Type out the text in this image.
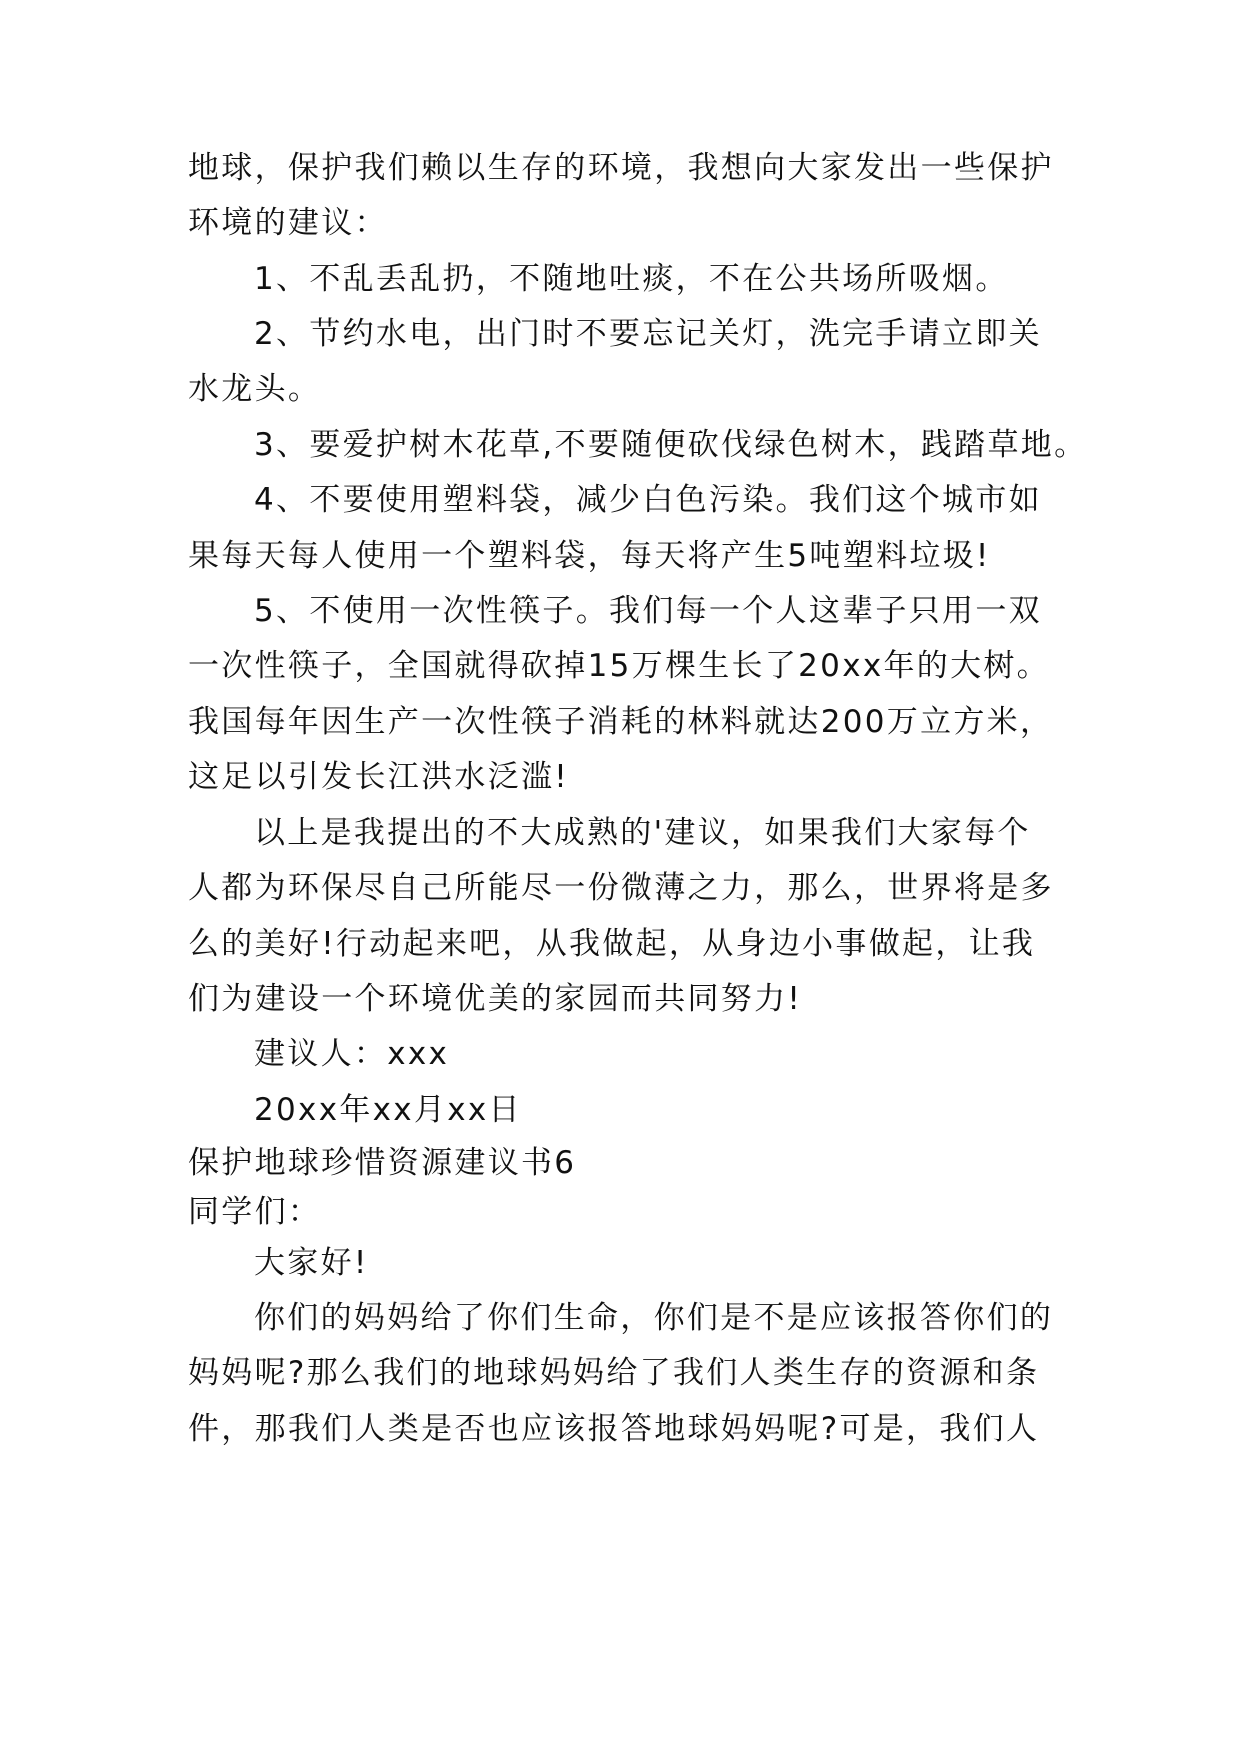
地球，保护我们赖以生存的环境，我想向大家发出一些保护
环境的建议：
1、不乱丢乱扔，不随地吐痰，不在公共场所吸烟。
2、节约水电，出门时不要忘记关灯，洗完手请立即关
水龙头。
3、要爱护树木花草,不要随便砍伐绿色树木，践踏草地。
4、不要使用塑料袋，减少白色污染。我们这个城市如
果每天每人使用一个塑料袋，每天将产生5吨塑料垃圾!
5、不使用一次性筷子。我们每一个人这辈子只用一双
一次性筷子，全国就得砍掉15万棵生长了20xx年的大树。
我国每年因生产一次性筷子消耗的林料就达200万立方米，
这足以引发长江洪水泛滥!
以上是我提出的不大成熟的'建议，如果我们大家每个
人都为环保尽自己所能尽一份微薄之力，那么，世界将是多
么的美好!行动起来吧，从我做起，从身边小事做起，让我
们为建设一个环境优美的家园而共同努力!
建议人：xxx
20xx年xx月xx日
保护地球珍惜资源建议书6
同学们：
大家好!
你们的妈妈给了你们生命，你们是不是应该报答你们的
妈妈呢?那么我们的地球妈妈给了我们人类生存的资源和条
件，那我们人类是否也应该报答地球妈妈呢?可是，我们人
